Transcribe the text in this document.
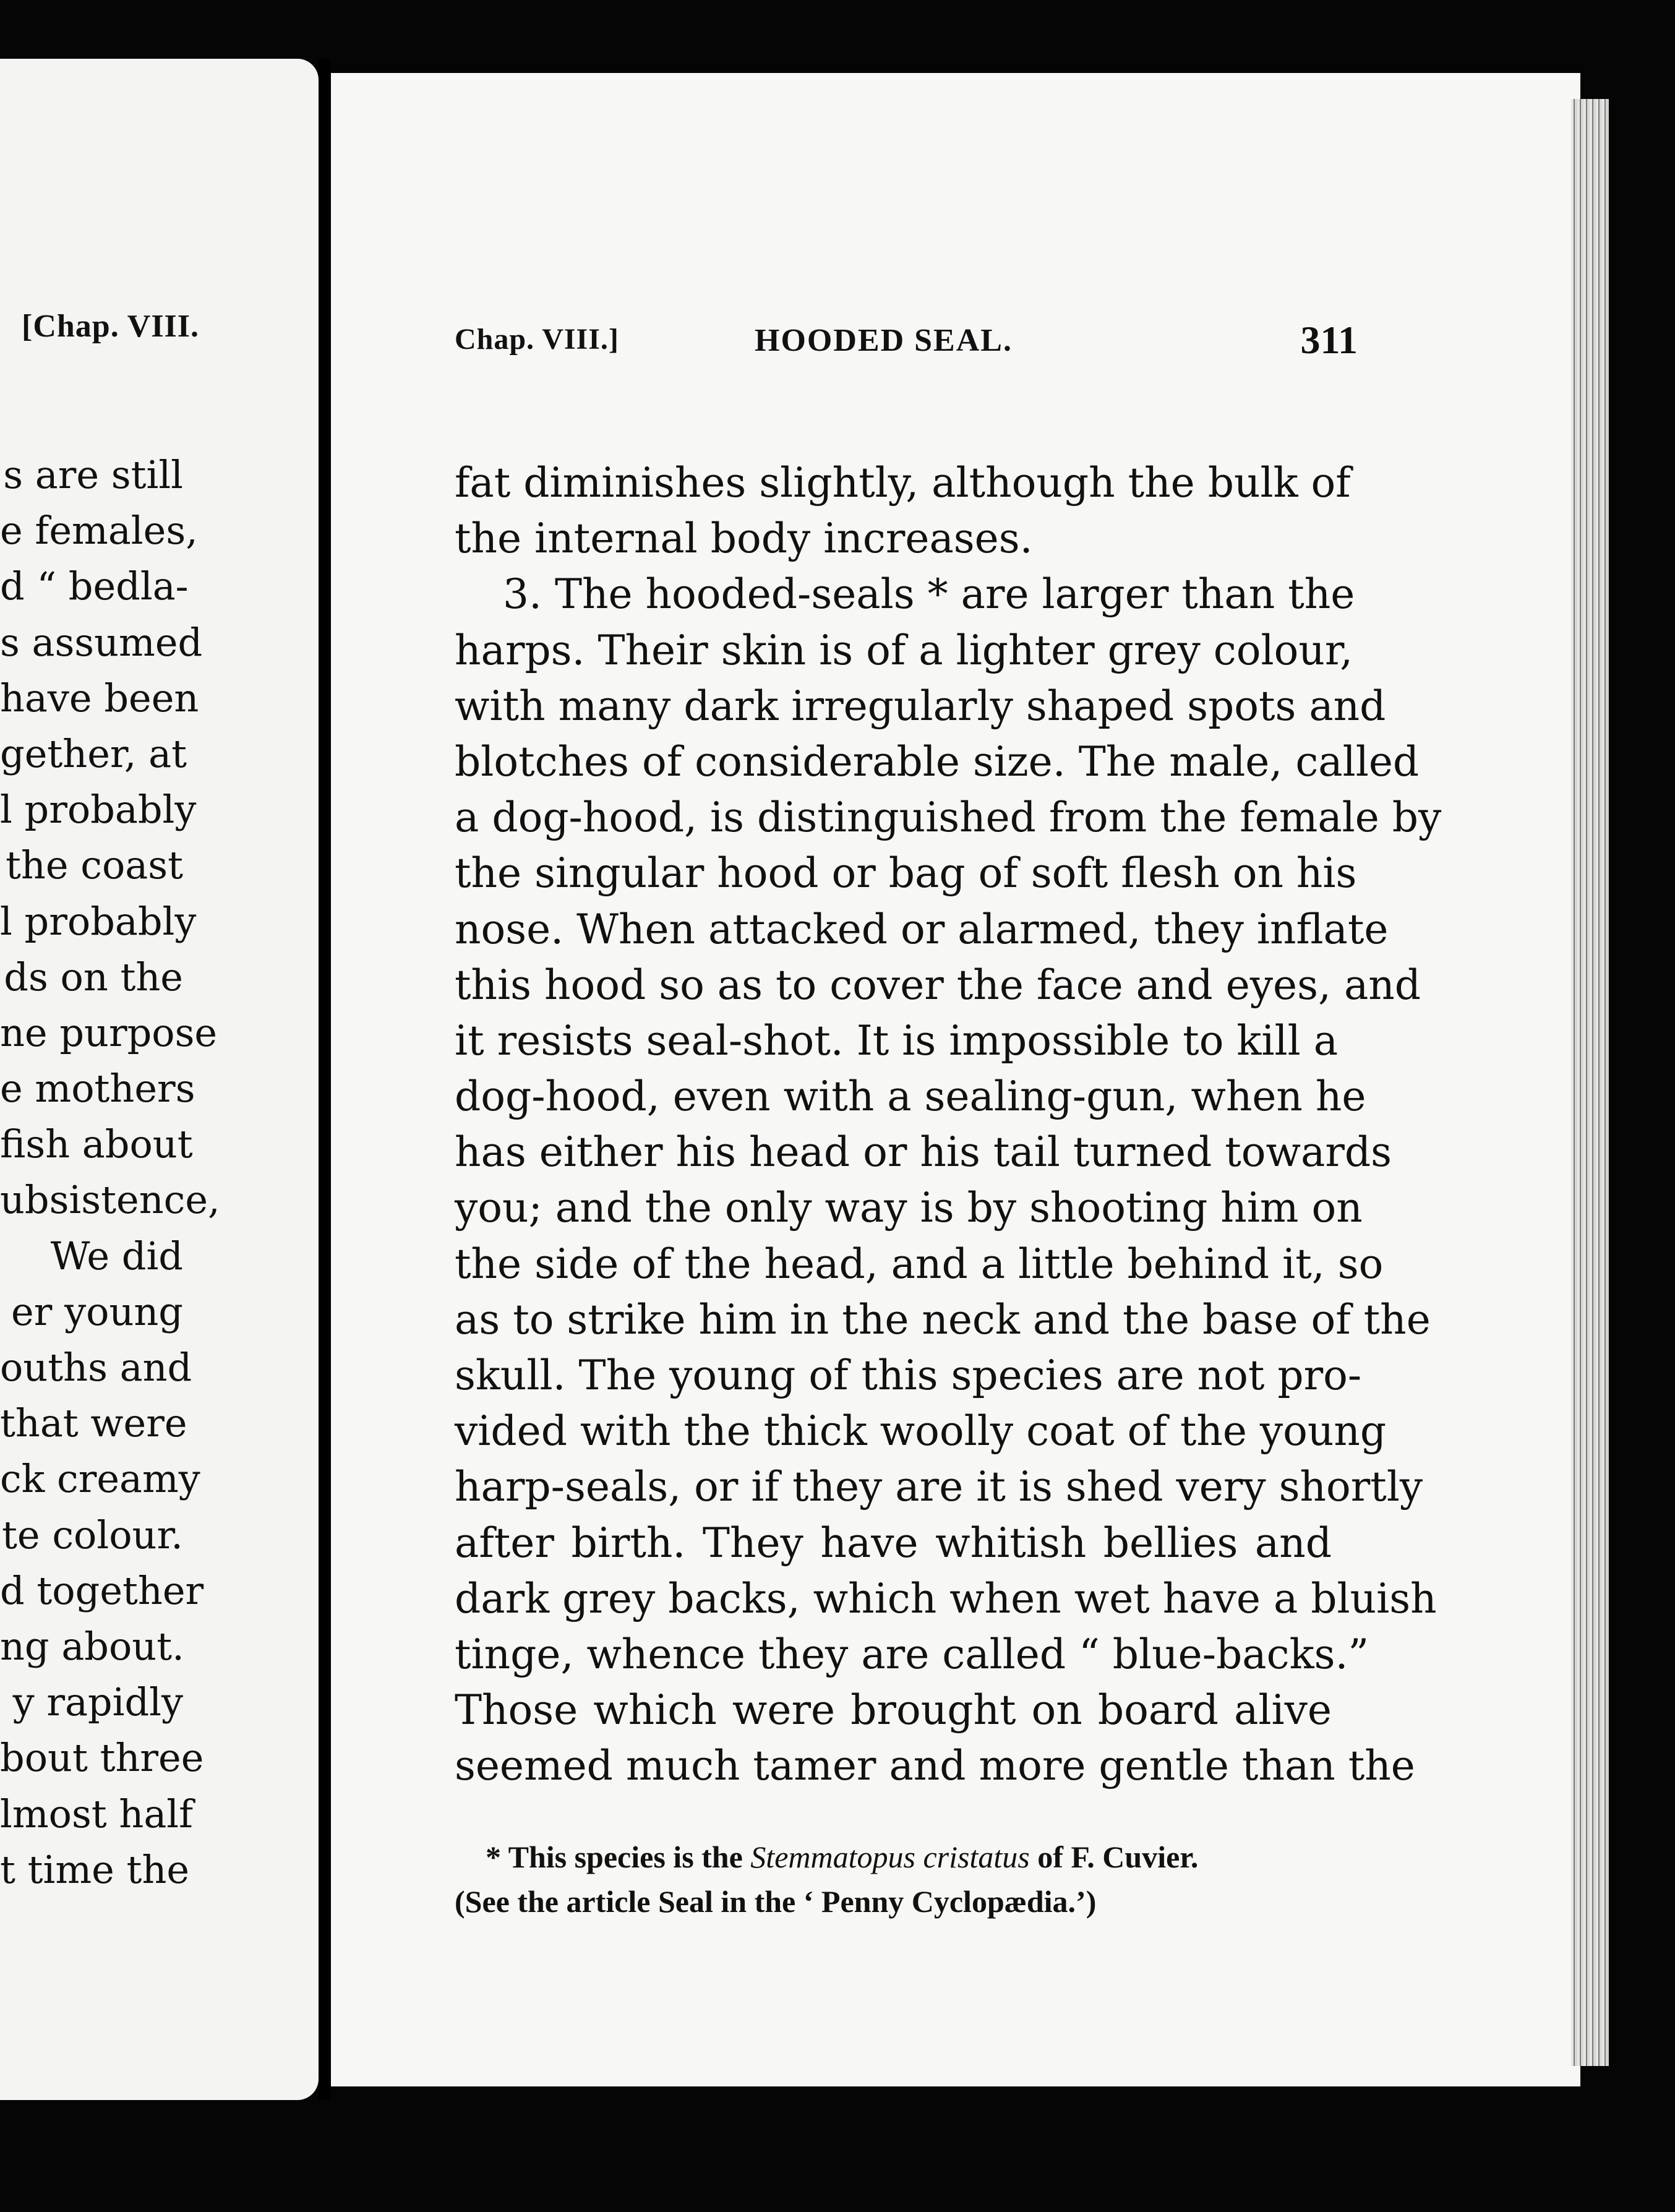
[Chap. VIII.
s are still
e females,
d “ bedla-
s assumed
have been
gether, at
l probably
the coast
l probably
ds on the
ne purpose
e mothers
fish about
ubsistence,
We did
er young
ouths and
that were
ck creamy
te colour.
d together
ng about.
y rapidly
bout three
lmost half
t time the
Chap. VIII.]	HOODED SEAL.	311
fat diminishes slightly, although the bulk of
the internal body increases.
3. The hooded-seals * are larger than the
harps. Their skin is of a lighter grey colour,
with many dark irregularly shaped spots and
blotches of considerable size. The male, called
a dog-hood, is distinguished from the female by
the singular hood or bag of soft flesh on his
nose. When attacked or alarmed, they inflate
this hood so as to cover the face and eyes, and
it resists seal-shot. It is impossible to kill a
dog-hood, even with a sealing-gun, when he
has either his head or his tail turned towards
you; and the only way is by shooting him on
the side of the head, and a little behind it, so
as to strike him in the neck and the base of the
skull. The young of this species are not pro-
vided with the thick woolly coat of the young
harp-seals, or if they are it is shed very shortly
after birth. They have whitish bellies and
dark grey backs, which when wet have a bluish
tinge, whence they are called “ blue-backs.”
Those which were brought on board alive
seemed much tamer and more gentle than the
* This species is the Stemmatopus cristatus of F. Cuvier.
(See the article Seal in the ‘ Penny Cyclopædia.’)
